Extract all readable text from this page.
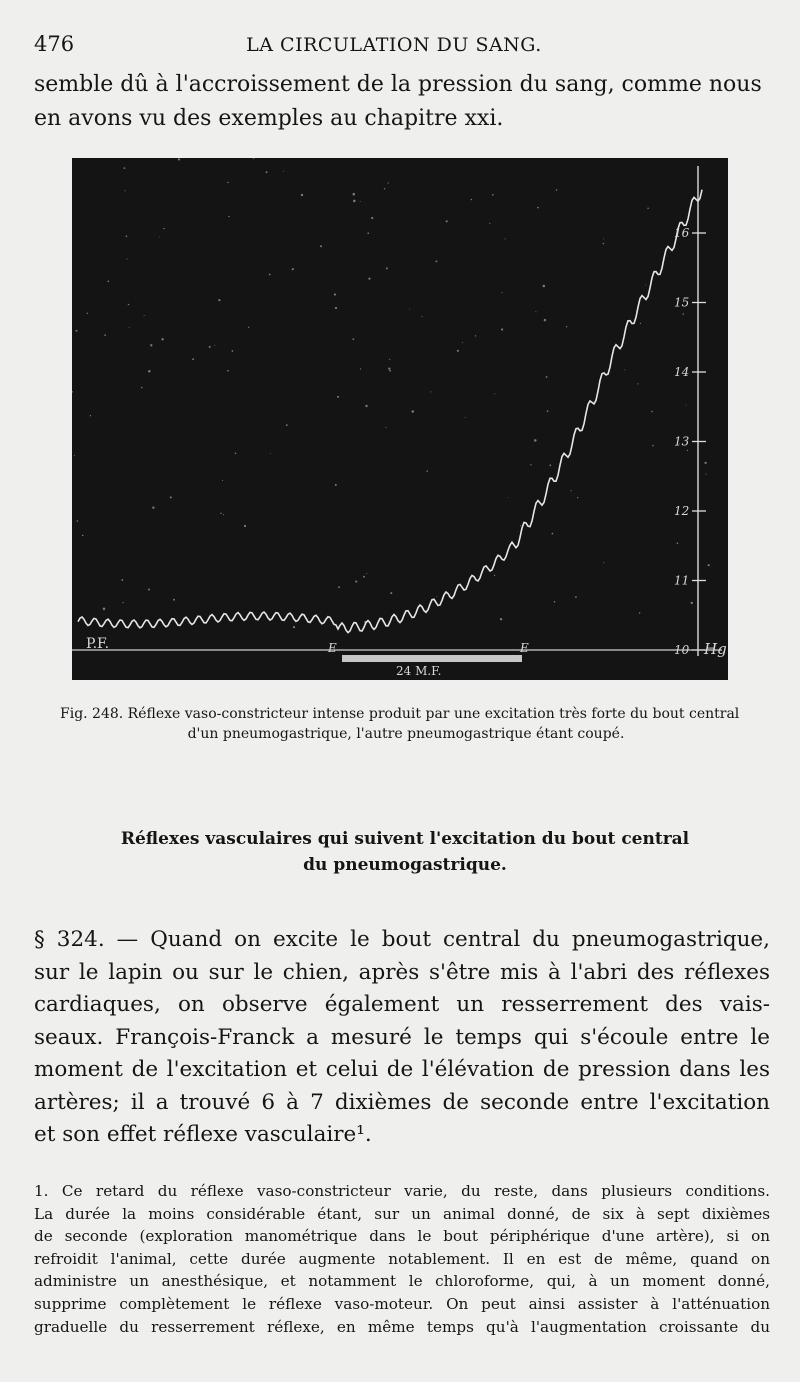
476	LA CIRCULATION DU SANG.
semble dû à l'accroissement de la pression du sang, comme nous
en avons vu des exemples au chapitre xxi.
10
11
12
13
14
15
16
Hg
P.F.	E	E
24 M.F.
Fig. 248. Réflexe vaso-constricteur intense produit par une excitation très forte du bout central
d'un pneumogastrique, l'autre pneumogastrique étant coupé.
Réflexes vasculaires qui suivent l'excitation du bout central
du pneumogastrique.
§ 324. — Quand on excite le bout central du pneumogastrique,
sur le lapin ou sur le chien, après s'être mis à l'abri des réflexes
cardiaques, on observe également un resserrement des vais-
seaux. François-Franck a mesuré le temps qui s'écoule entre le
moment de l'excitation et celui de l'élévation de pression dans les
artères; il a trouvé 6 à 7 dixièmes de seconde entre l'excitation
et son effet réflexe vasculaire¹.
1. Ce retard du réflexe vaso-constricteur varie, du reste, dans plusieurs conditions.
La durée la moins considérable étant, sur un animal donné, de six à sept dixièmes
de seconde (exploration manométrique dans le bout périphérique d'une artère), si on
refroidit l'animal, cette durée augmente notablement. Il en est de même, quand on
administre un anesthésique, et notamment le chloroforme, qui, à un moment donné,
supprime complètement le réflexe vaso-moteur. On peut ainsi assister à l'atténuation
graduelle du resserrement réflexe, en même temps qu'à l'augmentation croissante du
